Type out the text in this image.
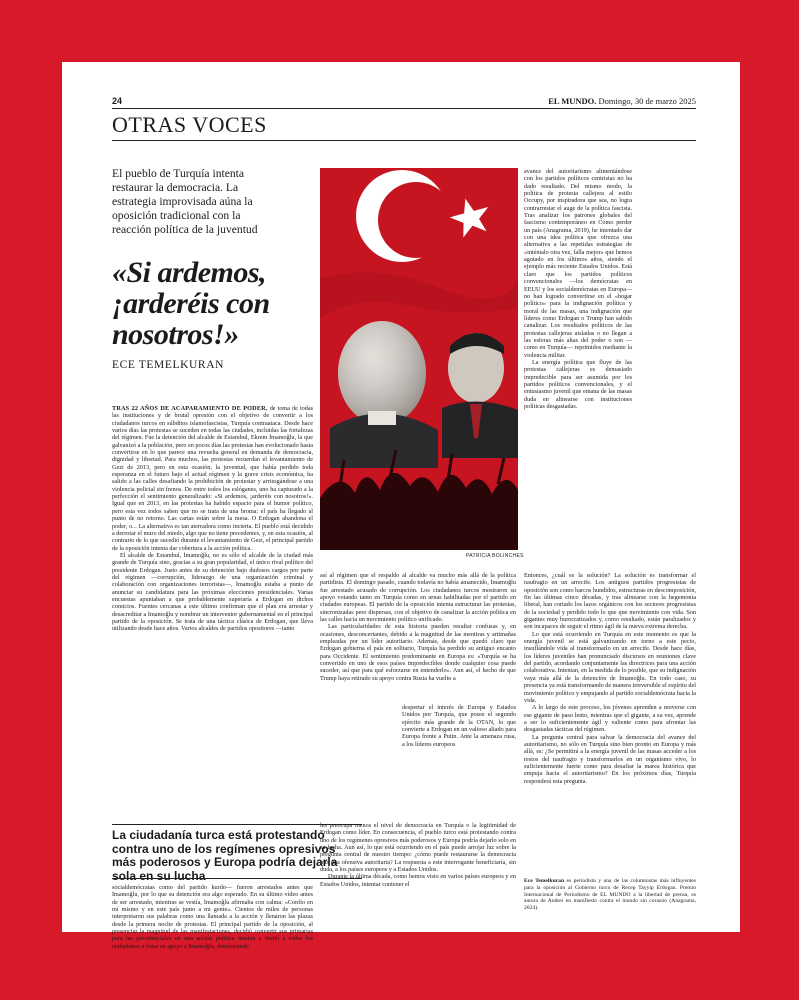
24	EL MUNDO. Domingo, 30 de marzo 2025
OTRAS VOCES
El pueblo de Turquía intenta restaurar la democracia. La estrategia improvisada aúna la oposición tradicional con la reacción política de la juventud
«Si ardemos, ¡arderéis con nosotros!»
ECE TEMELKURAN
PATRICIA BOLINCHES

TRAS 22 AÑOS DE ACAPARAMIENTO DE PODER, de toma de todas las instituciones y de brutal opresión con el objetivo de convertir a los ciudadanos turcos en súbditos islamofascistas, Turquía contraataca. Desde hace varios días las protestas se suceden en todas las ciudades, incluidas las fortalezas del régimen. Fue la detención del alcalde de Estambul, Ekrem İmamoğlu, la que galvanizó a la población, pero en pocos días las protestas han evolucionado hasta convertirse en lo que parece una revuelta general en demanda de democracia, dignidad y libertad. Para muchos, las protestas recuerdan el levantamiento de Gezi de 2013, pero en esta ocasión, la juventud, que había perdido toda esperanza en el futuro bajo el actual régimen y la grave crisis económica, ha salido a las calles desafiando la prohibición de protestar y arriesgándose a una violencia policial sin frenos. De entre todos los eslóganes, uno ha capturado a la perfección el sentimiento generalizado: «Si ardemos, ¡arderéis con nosotros!». Igual que en 2013, en las protestas ha habido espacio para el humor político, pero esta vez todos saben que no se trata de una broma: el país ha llegado al punto de no retorno. Las cartas están sobre la mesa. O Erdogan abandona el poder, o... La alternativa es tan aterradora como incierta. El pueblo está decidido a derrotar el muro del miedo, algo que no tiene precedentes, y, en esta ocasión, al contrario de lo que sucedió durante el levantamiento de Gezi, el principal partido de la oposición intenta dar cobertura a la acción política.

El alcalde de Estambul, İmamoğlu, no es sólo el alcalde de la ciudad más grande de Turquía sino, gracias a su gran popularidad, el único rival político del presidente Erdogan. Justo antes de su detención bajo dudosos cargos por parte del régimen —corrupción, liderazgo de una organización criminal y colaboración con organizaciones terroristas—, İmamoğlu estaba a punto de anunciar su candidatura para las próximas elecciones presidenciales. Varias encuestas apuntaban a que probablemente superaría a Erdogan en dichos comicios. Fuentes cercanas a este último confirman que el plan era arrestar y desacreditar a İmamoğlu y nombrar un interventor gubernamental en el principal partido de la oposición. Se trata de una táctica clásica de Erdogan, que lleva utilizando desde hace años. Varios alcaldes de partidos opositores —tanto

así al régimen que el respaldo al alcalde va mucho más allá de la política partidista. El domingo pasado, cuando todavía no había amanecido, İmamoğlu fue arrestado acusado de corrupción. Los ciudadanos turcos mostraron su apoyo votando tanto en Turquía como en urnas habilitadas por el partido en ciudades europeas. El partido de la oposición intenta estructurar las protestas, sincronizadas pero dispersas, con el objetivo de canalizar la acción política en las calles hacia un movimiento político unificado.

Las particularidades de esta historia pueden resultar confusas y, en ocasiones, desconcertantes, debido a la magnitud de las mentiras y artimañas empleadas por un líder autoritario. Además, desde que quedó claro que Erdogan gobierna el país en solitario, Turquía ha perdido su antiguo encanto para Occidente. El sentimiento predominante en Europa es: «Turquía se ha convertido en uno de esos países impredecibles donde cualquier cosa puede suceder, así que para qué esforzarse en entenderlo». Aun así, el hecho de que Trump haya retirado su apoyo contra Rusia ha vuelto a

despertar el interés de Europa y Estados Unidos por Turquía, que posee el segundo ejército más grande de la OTAN, lo que convierte a Erdogan en un valioso aliado para Europa frente a Putin. Ante la amenaza rusa, a los líderes europeos

La ciudadanía turca está protestando contra uno de los regímenes opresivos más poderosos y Europa podría dejarla sola en su lucha

socialdemócratas como del partido kurdo— fueron arrestados antes que İmamoğlu, por lo que su detención era algo esperado. En su último vídeo antes de ser arrestado, mientras se vestía, İmamoğlu afirmaba con calma: «Confío en mí mismo y en este país junto a mi gente». Cientos de miles de personas interpretaron sus palabras como una llamada a la acción y llenaron las plazas desde la primera noche de protestas. El principal partido de la oposición, al presenciar la magnitud de las manifestaciones, decidió convertir sus primarias para las presidenciales en una acción política masiva e invitó a todos los ciudadanos a votar en apoyo a İmamoğlu, demostrando

les preocupa menos el nivel de democracia en Turquía o la legitimidad de Erdogan como líder. En consecuencia, el pueblo turco está protestando contra uno de los regímenes opresivos más poderosos y Europa podría dejarlo solo en su lucha. Aun así, lo que está ocurriendo en el país puede arrojar luz sobre la pregunta central de nuestro tiempo: ¿cómo puede restaurarse la democracia tras una ofensiva autoritaria? La respuesta a este interrogante beneficiaría, sin duda, a los países europeos y a Estados Unidos.

Durante la última década, como hemos visto en varios países europeos y en Estados Unidos, intentar contener el

avance del autoritarismo alimentándose con los partidos políticos centristas no ha dado resultado. Del mismo modo, la política de protesta callejera al estilo Occupy, por inspiradora que sea, no logra contrarrestar el auge de la política fascista. Tras analizar los patrones globales del fascismo contemporáneo en Cómo perder un país (Anagrama, 2019), he intentado dar con una idea política que ofrezca una alternativa a las repetidas estrategias de «inténtalo otra vez, falla mejor» que hemos agotado en los últimos años, siendo el ejemplo más reciente Estados Unidos. Está claro que los partidos políticos convencionales —los demócratas en EEUU y los socialdemócratas en Europa— no han logrado convertirse en el «hogar político» para la indignación política y moral de las masas, una indignación que líderes como Erdogan o Trump han sabido canalizar. Los resultados políticos de las protestas callejeras aisladas o no llegan a las esferas más altas del poder o son —como en Turquía— reprimidos mediante la violencia militar.

La energía política que fluye de las protestas callejeras es demasiado impredecible para ser asumida por los partidos políticos convencionales, y el entusiasmo juvenil que emana de las masas duda en alinearse con instituciones políticas desgastadas.

Entonces, ¿cuál es la solución? La solución es transformar el naufragio en un arrecife. Los antiguos partidos progresistas de oposición son como barcos hundidos, estructuras en descomposición, fin las últimas cinco décadas, y tras alinearse con la hegemonía liberal, han cortado los lazos orgánicos con los sectores progresistas de la sociedad y perdido todo lo que que movimiento con vida. Son gigantes muy burocratizados y, como resultado, están paralizados y son incapaces de seguir el ritmo ágil de la nueva extrema derecha.

Lo que está ocurriendo en Turquía en este momento es que la energía juvenil se está galvanizando en torno a este pecio, insuflándole vida al transformarlo en un arrecife. Desde hace días, los líderes juveniles han pronunciado discursos en reuniones clave del partido, acordando conjuntamente las directrices para una acción colaborativa. Intentan, en la medida de lo posible, que su indignación vaya más allá de la detención de İmamoğlu. En todo caso, su presencia ya está transformando de manera irreversible el espíritu del movimiento político y empujando al partido socialdemócrata hacia la vida.

A lo largo de este proceso, los jóvenes aprenden a moverse con ese gigante de paso lento, mientras que el gigante, a su vez, aprende a ser lo suficientemente ágil y valiente como para afrontar las desgastadas tácticas del régimen.

La pregunta central para salvar la democracia del avance del autoritarismo, no sólo en Turquía sino bien pronto en Europa y más allá, es: ¿Se permitirá a la energía juvenil de las masas acceder a los restos del naufragio y transformarlos en un organismo vivo, lo suficientemente fuerte como para desafiar la marea histórica que empuja hacia el autoritarismo? En los próximos días, Turquía responderá esta pregunta.

Ece Temelkuran es periodista y una de las columnistas más influyentes para la oposición al Gobierno turco de Recep Tayyip Erdogan. Premio Internacional de Periodismo de EL MUNDO a la libertad de prensa, es autora de Andrei en manifiesto contra el mundo sin corazón (Anagrama, 2024).
